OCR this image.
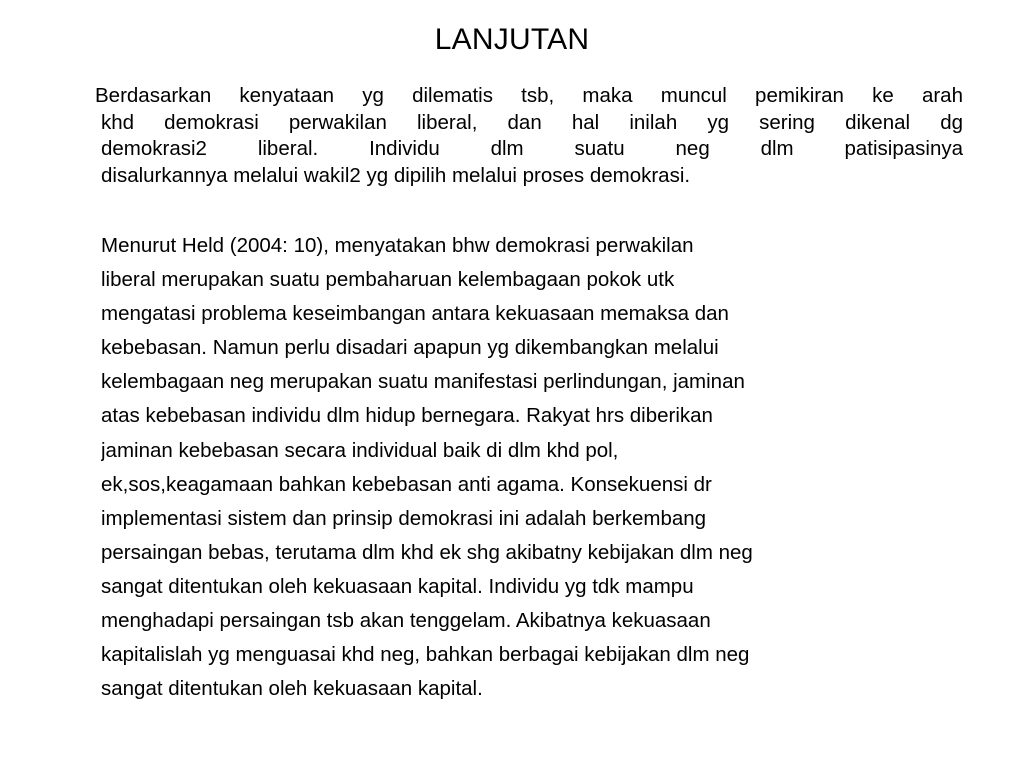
LANJUTAN
Berdasarkan kenyataan yg dilematis tsb, maka muncul pemikiran ke arah
khd demokrasi perwakilan liberal, dan hal inilah yg sering dikenal dg
demokrasi2 liberal. Individu dlm suatu neg dlm patisipasinya
disalurkannya melalui wakil2 yg dipilih melalui proses demokrasi.
Menurut Held (2004: 10), menyatakan bhw demokrasi perwakilan
liberal merupakan suatu pembaharuan kelembagaan pokok utk
mengatasi problema keseimbangan antara kekuasaan memaksa dan
kebebasan. Namun perlu disadari apapun yg dikembangkan melalui
kelembagaan neg merupakan suatu manifestasi perlindungan, jaminan
atas kebebasan individu dlm hidup bernegara. Rakyat hrs diberikan
jaminan kebebasan secara individual baik di dlm khd pol,
ek,sos,keagamaan bahkan kebebasan anti agama. Konsekuensi dr
implementasi sistem dan prinsip demokrasi ini adalah berkembang
persaingan bebas, terutama dlm khd ek shg akibatny kebijakan dlm neg
sangat ditentukan oleh kekuasaan kapital. Individu yg tdk mampu
menghadapi persaingan tsb akan tenggelam. Akibatnya kekuasaan
kapitalislah yg menguasai khd neg, bahkan berbagai kebijakan dlm neg
sangat ditentukan oleh kekuasaan kapital.
